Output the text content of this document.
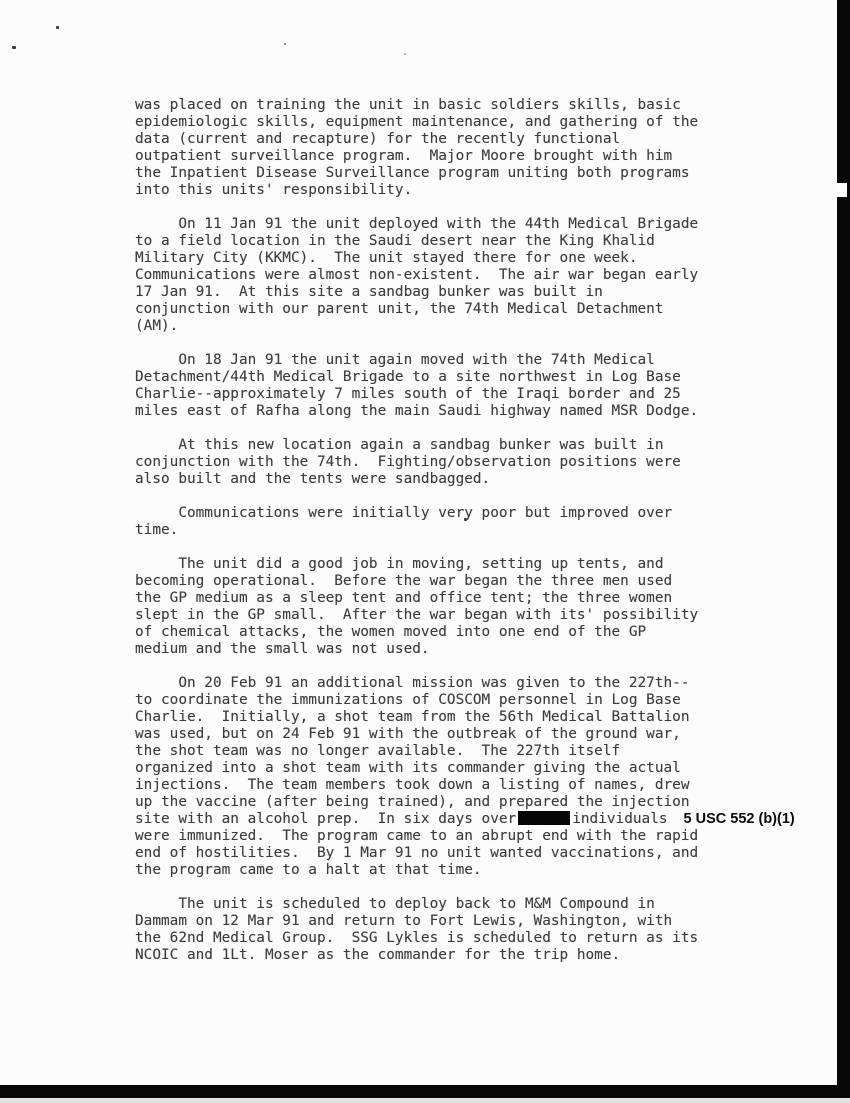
was placed on training the unit in basic soldiers skills, basic
epidemiologic skills, equipment maintenance, and gathering of the
data (current and recapture) for the recently functional
outpatient surveillance program.  Major Moore brought with him
the Inpatient Disease Surveillance program uniting both programs
into this units' responsibility.
On 11 Jan 91 the unit deployed with the 44th Medical Brigade
to a field location in the Saudi desert near the King Khalid
Military City (KKMC).  The unit stayed there for one week.
Communications were almost non-existent.  The air war began early
17 Jan 91.  At this site a sandbag bunker was built in
conjunction with our parent unit, the 74th Medical Detachment
(AM).
On 18 Jan 91 the unit again moved with the 74th Medical
Detachment/44th Medical Brigade to a site northwest in Log Base
Charlie--approximately 7 miles south of the Iraqi border and 25
miles east of Rafha along the main Saudi highway named MSR Dodge.
At this new location again a sandbag bunker was built in
conjunction with the 74th.  Fighting/observation positions were
also built and the tents were sandbagged.
Communications were initially very poor but improved over
time.
The unit did a good job in moving, setting up tents, and
becoming operational.  Before the war began the three men used
the GP medium as a sleep tent and office tent; the three women
slept in the GP small.  After the war began with its' possibility
of chemical attacks, the women moved into one end of the GP
medium and the small was not used.
On 20 Feb 91 an additional mission was given to the 227th--
to coordinate the immunizations of COSCOM personnel in Log Base
Charlie.  Initially, a shot team from the 56th Medical Battalion
was used, but on 24 Feb 91 with the outbreak of the ground war,
the shot team was no longer available.  The 227th itself
organized into a shot team with its commander giving the actual
injections.  The team members took down a listing of names, drew
up the vaccine (after being trained), and prepared the injection
site with an alcohol prep.  In six days over	individuals 5 USC 552 (b)(1)
were immunized.  The program came to an abrupt end with the rapid
end of hostilities.  By 1 Mar 91 no unit wanted vaccinations, and
the program came to a halt at that time.
The unit is scheduled to deploy back to M&M Compound in
Dammam on 12 Mar 91 and return to Fort Lewis, Washington, with
the 62nd Medical Group.  SSG Lykles is scheduled to return as its
NCOIC and 1Lt. Moser as the commander for the trip home.
